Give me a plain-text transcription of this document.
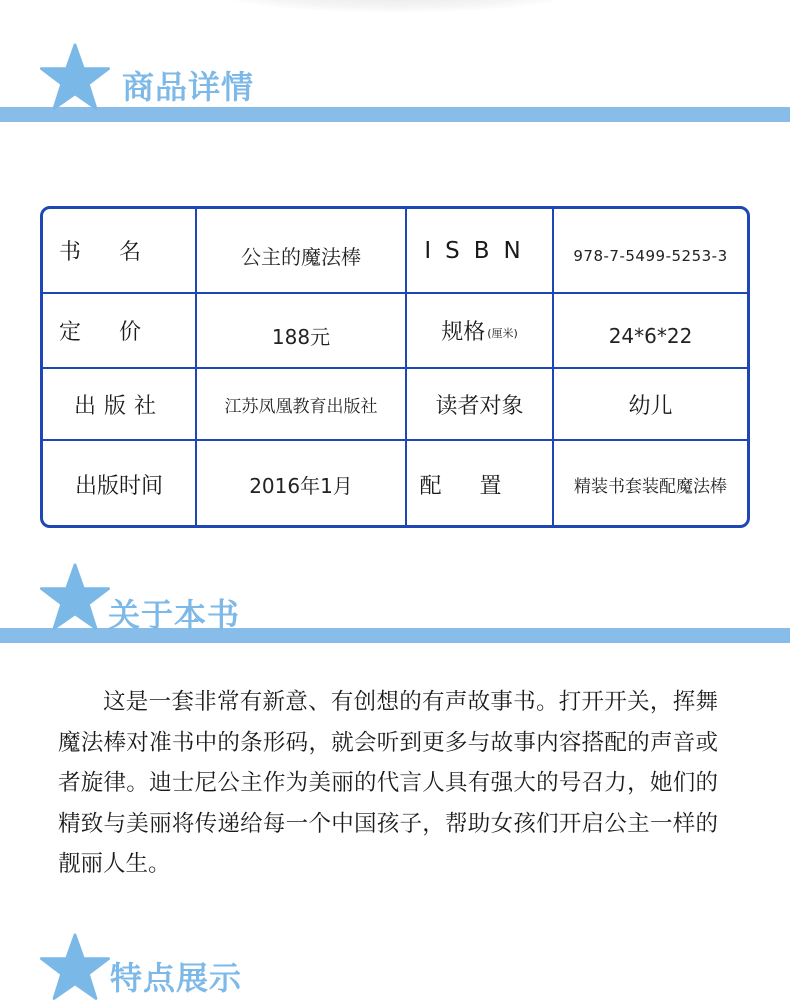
商品详情
书名	公主的魔法棒	ISBN	978-7-5499-5253-3
定价	188元	规格 (厘米)	24*6*22
出版社	江苏凤凰教育出版社	读者对象	幼儿
出版时间	2016年1月	配置	精装书套装配魔法棒
关于本书

这是一套非常有新意、有创想的有声故事书。打开开关，挥舞魔法棒对准书中的条形码，就会听到更多与故事内容搭配的声音或者旋律。迪士尼公主作为美丽的代言人具有强大的号召力，她们的精致与美丽将传递给每一个中国孩子，帮助女孩们开启公主一样的靓丽人生。

特点展示
